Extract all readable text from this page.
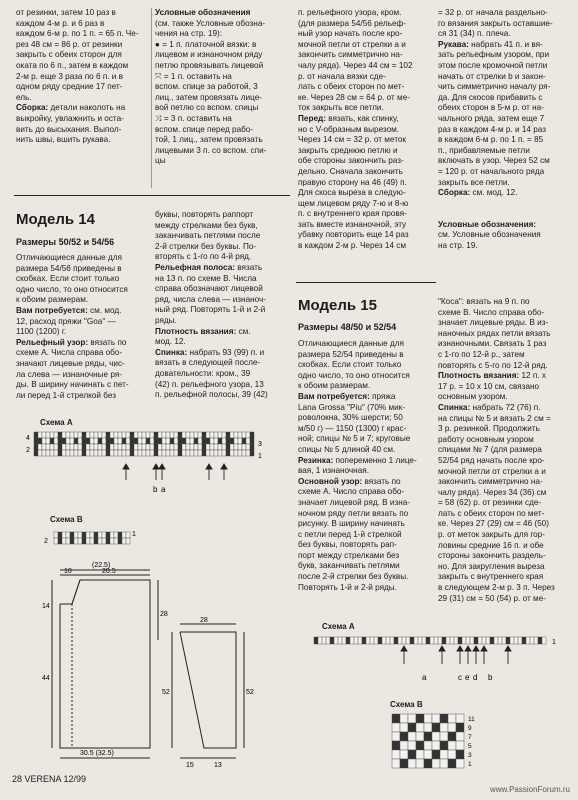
от резинки, затем 10 раз в
каждом 4-м р. и 6 раз в
каждом 6-м р. по 1 п. = 65 п. Че-
рез 48 см = 86 р. от резинки
закрыть с обеих сторон для
оката по 6 п., затем в каждом
2-м р. еще 3 раза по 6 п. и в
одном ряду средние 17 пет-
ель.
Сборка: детали наколоть на
выкройку, увлажнить и оста-
вить до высыхания. Выпол-
нить швы, вшить рукава.
Условные обозначения
(см. также Условные обозна-
чения на стр. 19):
● = 1 п. платочной вязки: в
лицевом и изнаночном ряду
петлю провязывать лицевой
⤧ = 1 п. оставить на
вспом. спице за работой, 3
лиц., затем провязать лице-
вой петлю со вспом. спицы
⤨ = 3 п. оставить на
вспом. спице перед рабо-
той, 1 лиц., затем провязать
лицевыми 3 п. со вспом. спи-
цы
п. рельефного узора, кром.
(для размера 54/56 рельеф-
ный узор начать после кро-
мочной петли от стрелки a и
закончить симметрично на-
чалу ряда). Через 44 см = 102
р. от начала вязки сде-
лать с обеих сторон по мет-
ке. Через 28 см = 64 р. от ме-
ток закрыть все петли.
Перед: вязать, как спинку,
но с V-образным вырезом.
Через 14 см = 32 р. от меток
закрыть среднюю петлю и
обе стороны закончить раз-
дельно. Сначала закончить
правую сторону на 46 (49) п.
Для скоса выреза в следую-
щем лицевом ряду 7-ю и 8-ю
п. с внутреннего края провя-
зать вместе изнаночной, эту
убавку повторить еще 14 раз
в каждом 2-м р. Через 14 см
= 32 р. от начала раздельно-
го вязания закрыть оставшие-
ся 31 (34) п. плеча.
Рукава: набрать 41 п. и вя-
зать рельефным узором, при
этом после кромочной петли
начать от стрелки b и закон-
чить симметрично началу ря-
да. Для скосов прибавить с
обеих сторон в 5-м р. от на-
чального ряда, затем еще 7
раз в каждом 4-м р. и 14 раз
в каждом 6-м р. по 1 п. = 85
п., прибавляемые петли
включать в узор. Через 52 см
= 120 р. от начального ряда
закрыть все петли.
Сборка: см. мод. 12.

Условные обозначения:
см. Условные обозначения
на стр. 19.
Модель 14
Размеры 50/52 и 54/56
Отличающиеся данные для
размера 54/56 приведены в
скобках. Если стоит только
одно число, то оно относится
к обоим размерам.
Вам потребуется: см. мод.
12, расход пряжи "Goa" —
1100 (1200) г.
Рельефный узор: вязать по
схеме A. Числа справа обо-
значают лицевые ряды, чис-
ла слева — изнаночные ря-
ды. В ширину начинать с пет-
ли перед 1-й стрелкой без
буквы, повторять раппорт
между стрелками без букв,
заканчивать петлями после
2-й стрелки без буквы. По-
вторять с 1-го по 4-й ряд.
Рельефная полоса: вязать
на 13 п. по схеме B. Числа
справа обозначают лицевой
ряд, числа слева — изнаноч-
ный ряд. Повторять 1-й и 2-й
ряды.
Плотность вязания: см.
мод. 12.
Спинка: набрать 93 (99) п. и
вязать в следующей после-
довательности: кром., 39
(42) п. рельефного узора, 13
п. рельефной полосы, 39 (42)
Модель 15
Размеры 48/50 и 52/54
Отличающиеся данные для
размера 52/54 приведены в
скобках. Если стоит только
одно число, то оно относится
к обоим размерам.
Вам потребуется: пряжа
Lana Grossa "Piu" (70% мик-
роволокна, 30% шерсти; 50
м/50 г) — 1150 (1300) г крас-
ной; спицы № 5 и 7; круговые
спицы № 5 длиной 40 см.
Резинка: попеременно 1 лице-
вая, 1 изнаночная.
Основной узор: вязать по
схеме A. Число справа обо-
значает лицевой ряд. В изна-
ночном ряду петли вязать по
рисунку. В ширину начинать
с петли перед 1-й стрелкой
без буквы, повторять рап-
порт между стрелками без
букв, заканчивать петлями
после 2-й стрелки без буквы.
Повторять 1-й и 2-й ряды.
"Коса": вязать на 9 п. по
схеме B. Число справа обо-
значает лицевые ряды. В из-
наночных рядах петли вязать
изнаночными. Связать 1 раз
с 1-го по 12-й р., затем
повторять с 5-го по 12-й ряд.
Плотность вязания: 12 п. х
17 р. = 10 х 10 см, связано
основным узором.
Спинка: набрать 72 (76) п.
на спицы № 5 и вязать 2 см =
3 р. резинкой. Продолжить
работу основным узором
спицами № 7 (для размера
52/54 ряд начать после кро-
мочной петли от стрелки a и
закончить симметрично на-
чалу ряда). Через 34 (36) см
= 58 (62) р. от резинки сде-
лать с обеих сторон по мет-
ке. Через 27 (29) см = 46 (50)
р. от меток закрыть для гор-
ловины средние 16 п. и обе
стороны закончить раздель-
но. Для закругления выреза
закрыть с внутреннего края
в следующем 2-м р. 3 п. Через
29 (31) см = 50 (54) р. от ме-
Схема A
4
2
3
1
b a
Схема B
1
2
(22.5)
10	20.5
14
28
44
30.5 (32.5)
28
52	52
15	13
Схема A
1
a	c e d b
Схема B
11
9
7
5
3
1
28 VERENA 12/99
www.PassionForum.ru
